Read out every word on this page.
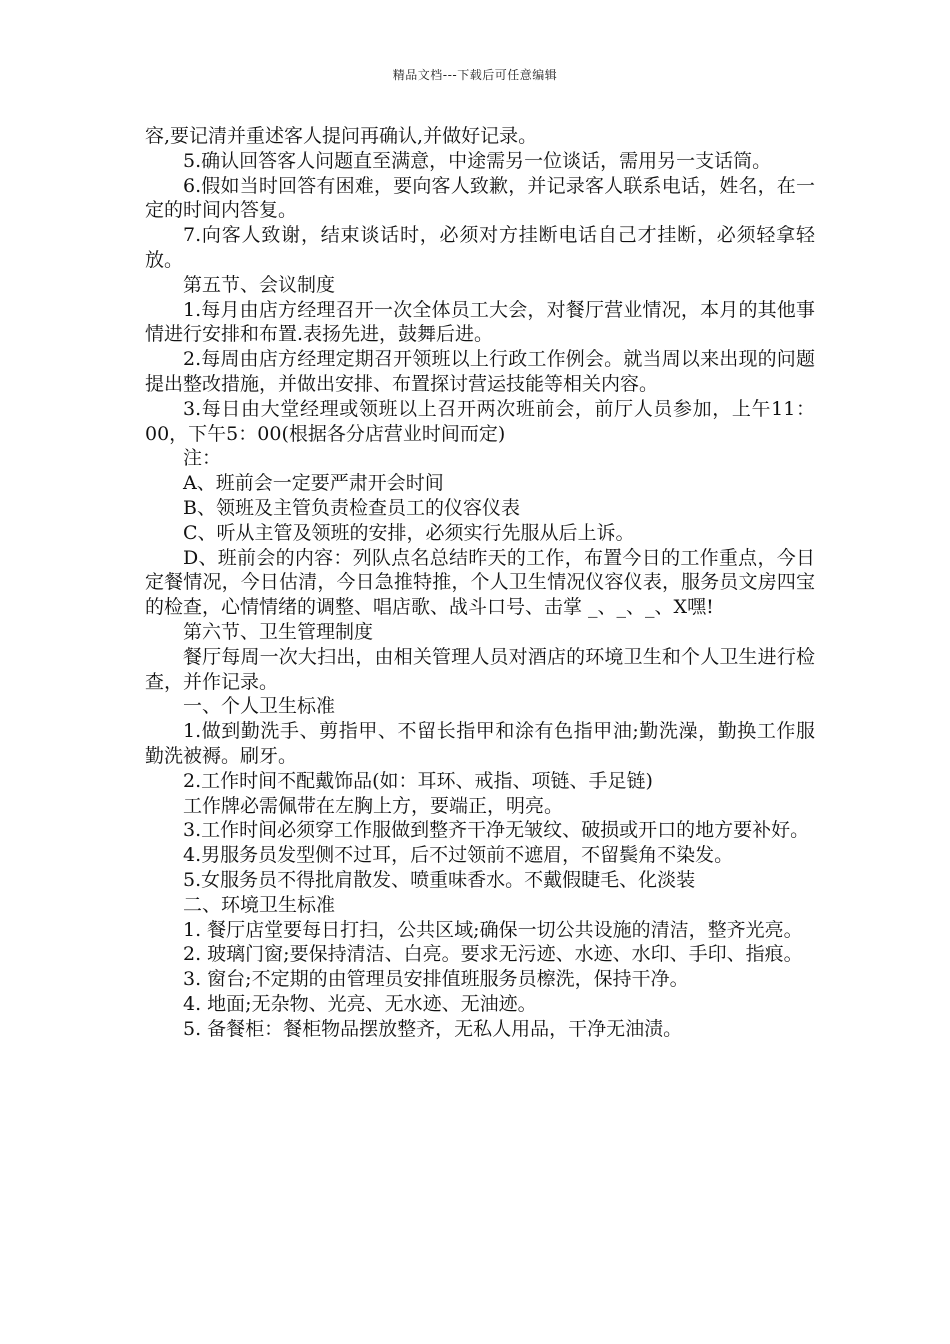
精品文档---下载后可任意编辑

容,要记清并重述客人提问再确认,并做好记录。

5.确认回答客人问题直至满意，中途需另一位谈话，需用另一支话筒。

6.假如当时回答有困难，要向客人致歉，并记录客人联系电话，姓名，在一定的时间内答复。

7.向客人致谢，结束谈话时，必须对方挂断电话自己才挂断，必须轻拿轻放。

第五节、会议制度

1.每月由店方经理召开一次全体员工大会，对餐厅营业情况，本月的其他事情进行安排和布置.表扬先进，鼓舞后进。

2.每周由店方经理定期召开领班以上行政工作例会。就当周以来出现的问题提出整改措施，并做出安排、布置探讨营运技能等相关内容。

3.每日由大堂经理或领班以上召开两次班前会，前厅人员参加，上午11：00，下午5：00(根据各分店营业时间而定)

注：

A、班前会一定要严肃开会时间

B、领班及主管负责检查员工的仪容仪表

C、听从主管及领班的安排，必须实行先服从后上诉。

D、班前会的内容：列队点名总结昨天的工作，布置今日的工作重点，今日定餐情况，今日估清，今日急推特推，个人卫生情况仪容仪表，服务员文房四宝的检查，心情情绪的调整、唱店歌、战斗口号、击掌 _、_、_、X嘿!

第六节、卫生管理制度

餐厅每周一次大扫出，由相关管理人员对酒店的环境卫生和个人卫生进行检查，并作记录。

一、个人卫生标准

1.做到勤洗手、剪指甲、不留长指甲和涂有色指甲油;勤洗澡，勤换工作服勤洗被褥。刷牙。

2.工作时间不配戴饰品(如：耳环、戒指、项链、手足链)

工作牌必需佩带在左胸上方，要端正，明亮。

3.工作时间必须穿工作服做到整齐干净无皱纹、破损或开口的地方要补好。

4.男服务员发型侧不过耳，后不过领前不遮眉，不留鬓角不染发。

5.女服务员不得批肩散发、喷重味香水。不戴假睫毛、化淡装

二、环境卫生标准

1. 餐厅店堂要每日打扫，公共区域;确保一切公共设施的清洁，整齐光亮。

2. 玻璃门窗;要保持清洁、白亮。要求无污迹、水迹、水印、手印、指痕。

3. 窗台;不定期的由管理员安排值班服务员檫洗，保持干净。

4. 地面;无杂物、光亮、无水迹、无油迹。

5. 备餐柜：餐柜物品摆放整齐，无私人用品，干净无油渍。
